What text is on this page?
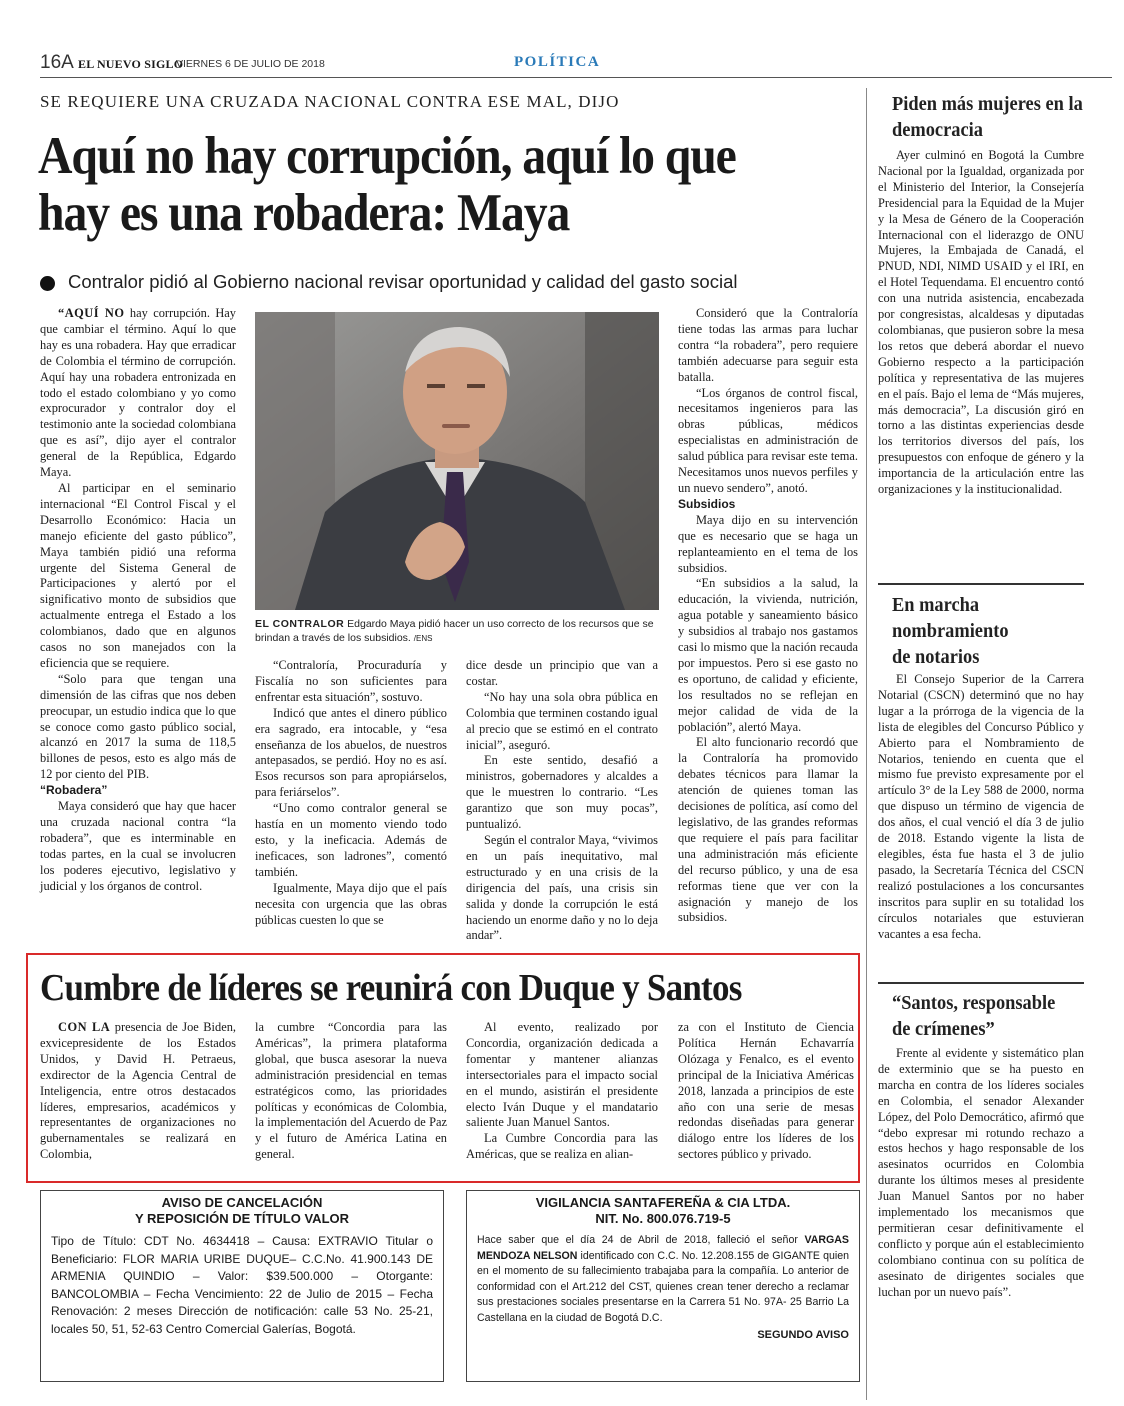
16A EL NUEVO SIGLO
VIERNES 6 DE JULIO DE 2018	POLÍTICA
SE REQUIERE UNA CRUZADA NACIONAL CONTRA ESE MAL, DIJO
Aquí no hay corrupción, aquí lo que hay es una robadera: Maya
Contralor pidió al Gobierno nacional revisar oportunidad y calidad del gasto social

“AQUÍ NO hay corrupción. Hay que cambiar el término. Aquí lo que hay es una robadera. Hay que erradicar de Colombia el término de corrupción. Aquí hay una robadera entronizada en todo el estado colombiano y yo como exprocurador y contralor doy el testimonio ante la sociedad colombiana que es así”, dijo ayer el contralor general de la República, Edgardo Maya.

Al participar en el seminario internacional “El Control Fiscal y el Desarrollo Económico: Hacia un manejo eficiente del gasto público”, Maya también pidió una reforma urgente del Sistema General de Participaciones y alertó por el significativo monto de subsidios que actualmente entrega el Estado a los colombianos, dado que en algunos casos no son manejados con la eficiencia que se requiere.

“Solo para que tengan una dimensión de las cifras que nos deben preocupar, un estudio indica que lo que se conoce como gasto público social, alcanzó en 2017 la suma de 118,5 billones de pesos, esto es algo más de 12 por ciento del PIB.

“Robadera”

Maya consideró que hay que hacer una cruzada nacional contra “la robadera”, que es interminable en todas partes, en la cual se involucren los poderes ejecutivo, legislativo y judicial y los órganos de control.

EL CONTRALOR Edgardo Maya pidió hacer un uso correcto de los recursos que se brindan a través de los subsidios. /ENS

“Contraloría, Procuraduría y Fiscalía no son suficientes para enfrentar esta situación”, sostuvo.

Indicó que antes el dinero público era sagrado, era intocable, y “esa enseñanza de los abuelos, de nuestros antepasados, se perdió. Hoy no es así. Esos recursos son para apropiárselos, para feriárselos”.

“Uno como contralor general se hastía en un momento viendo todo esto, y la ineficacia. Además de ineficaces, son ladrones”, comentó también.

Igualmente, Maya dijo que el país necesita con urgencia que las obras públicas cuesten lo que se

dice desde un principio que van a costar.

“No hay una sola obra pública en Colombia que terminen costando igual al precio que se estimó en el contrato inicial”, aseguró.

En este sentido, desafió a ministros, gobernadores y alcaldes a que le muestren lo contrario. “Les garantizo que son muy pocas”, puntualizó.

Según el contralor Maya, “vivimos en un país inequitativo, mal estructurado y en una crisis de la dirigencia del país, una crisis sin salida y donde la corrupción le está haciendo un enorme daño y no lo deja andar”.

Consideró que la Contraloría tiene todas las armas para luchar contra “la robadera”, pero requiere también adecuarse para seguir esta batalla.

“Los órganos de control fiscal, necesitamos ingenieros para las obras públicas, médicos especialistas en administración de salud pública para revisar este tema. Necesitamos unos nuevos perfiles y un nuevo sendero”, anotó.

Subsidios

Maya dijo en su intervención que es necesario que se haga un replanteamiento en el tema de los subsidios.

“En subsidios a la salud, la educación, la vivienda, nutrición, agua potable y saneamiento básico y subsidios al trabajo nos gastamos casi lo mismo que la nación recauda por impuestos. Pero si ese gasto no es oportuno, de calidad y eficiente, los resultados no se reflejan en mejor calidad de vida de la población”, alertó Maya.

El alto funcionario recordó que la Contraloría ha promovido debates técnicos para llamar la atención de quienes toman las decisiones de política, así como del legislativo, de las grandes reformas que requiere el país para facilitar una administración más eficiente del recurso público, y una de esa reformas tiene que ver con la asignación y manejo de los subsidios.

Piden más mujeres en la democracia

Ayer culminó en Bogotá la Cumbre Nacional por la Igualdad, organizada por el Ministerio del Interior, la Consejería Presidencial para la Equidad de la Mujer y la Mesa de Género de la Cooperación Internacional con el liderazgo de ONU Mujeres, la Embajada de Canadá, el PNUD, NDI, NIMD USAID y el IRI, en el Hotel Tequendama. El encuentro contó con una nutrida asistencia, encabezada por congresistas, alcaldesas y diputadas colombianas, que pusieron sobre la mesa los retos que deberá abordar el nuevo Gobierno respecto a la participación política y representativa de las mujeres en el país. Bajo el lema de “Más mujeres, más democracia”, La discusión giró en torno a las distintas experiencias desde los territorios diversos del país, los presupuestos con enfoque de género y la importancia de la articulación entre las organizaciones y la institucionalidad.

En marcha nombramiento de notarios

El Consejo Superior de la Carrera Notarial (CSCN) determinó que no hay lugar a la prórroga de la vigencia de la lista de elegibles del Concurso Público y Abierto para el Nombramiento de Notarios, teniendo en cuenta que el mismo fue previsto expresamente por el artículo 3° de la Ley 588 de 2000, norma que dispuso un término de vigencia de dos años, el cual venció el día 3 de julio de 2018. Estando vigente la lista de elegibles, ésta fue hasta el 3 de julio pasado, la Secretaría Técnica del CSCN realizó postulaciones a los concursantes inscritos para suplir en su totalidad los círculos notariales que estuvieran vacantes a esa fecha.

“Santos, responsable de crímenes”

Frente al evidente y sistemático plan de exterminio que se ha puesto en marcha en contra de los líderes sociales en Colombia, el senador Alexander López, del Polo Democrático, afirmó que “debo expresar mi rotundo rechazo a estos hechos y hago responsable de los asesinatos ocurridos en Colombia durante los últimos meses al presidente Juan Manuel Santos por no haber implementado los mecanismos que permitieran cesar definitivamente el conflicto y porque aún el establecimiento colombiano continua con su política de asesinato de dirigentes sociales que luchan por un nuevo país”.

Cumbre de líderes se reunirá con Duque y Santos

CON LA presencia de Joe Biden, exvicepresidente de los Estados Unidos, y David H. Petraeus, exdirector de la Agencia Central de Inteligencia, entre otros destacados líderes, empresarios, académicos y representantes de organizaciones no gubernamentales se realizará en Colombia,

la cumbre “Concordia para las Américas”, la primera plataforma global, que busca asesorar la nueva administración presidencial en temas estratégicos como, las prioridades políticas y económicas de Colombia, la implementación del Acuerdo de Paz y el futuro de América Latina en general.

Al evento, realizado por Concordia, organización dedicada a fomentar y mantener alianzas intersectoriales para el impacto social en el mundo, asistirán el presidente electo Iván Duque y el mandatario saliente Juan Manuel Santos.

La Cumbre Concordia para las Américas, que se realiza en alian-

za con el Instituto de Ciencia Política Hernán Echavarría Olózaga y Fenalco, es el evento principal de la Iniciativa Américas 2018, lanzada a principios de este año con una serie de mesas redondas diseñadas para generar diálogo entre los líderes de los sectores público y privado.

AVISO DE CANCELACIÓN
Y REPOSICIÓN DE TÍTULO VALOR
Tipo de Título: CDT No. 4634418 – Causa: EXTRAVIO Titular o Beneficiario: FLOR MARIA URIBE DUQUE– C.C.No. 41.900.143 DE ARMENIA QUINDIO – Valor: $39.500.000 – Otorgante: BANCOLOMBIA – Fecha Vencimiento: 22 de Julio de 2015 – Fecha Renovación: 2 meses Dirección de notificación: calle 53 No. 25-21, locales 50, 51, 52-63 Centro Comercial Galerías, Bogotá.
VIGILANCIA SANTAFEREÑA & CIA LTDA.
NIT. No. 800.076.719-5
Hace saber que el día 24 de Abril de 2018, falleció el señor VARGAS MENDOZA NELSON identificado con C.C. No. 12.208.155 de GIGANTE quien en el momento de su fallecimiento trabajaba para la compañía. Lo anterior de conformidad con el Art.212 del CST, quienes crean tener derecho a reclamar sus prestaciones sociales presentarse en la Carrera 51 No. 97A- 25 Barrio La Castellana en la ciudad de Bogotá D.C.
SEGUNDO AVISO
